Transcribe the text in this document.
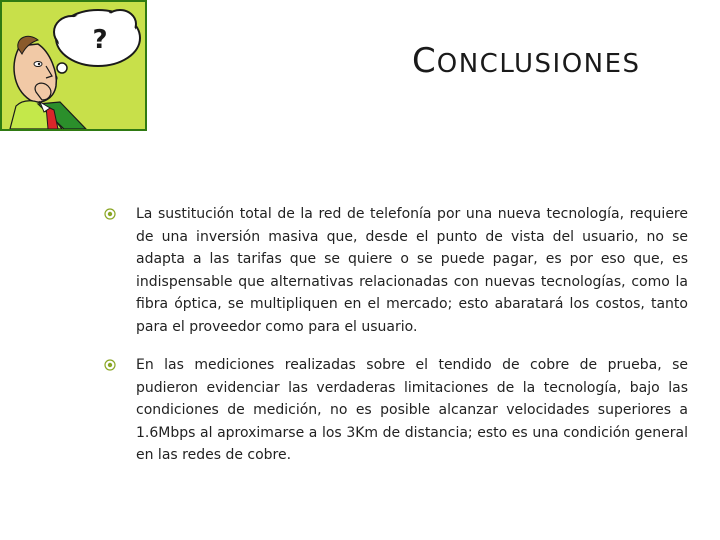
?
CONCLUSIONES

La sustitución total de la red de telefonía por una nueva tecnología, requiere de una inversión masiva que, desde el punto de vista del usuario, no se adapta a las tarifas que se quiere o se puede pagar, es por eso que, es indispensable que alternativas relacionadas con nuevas tecnologías, como la fibra óptica, se multipliquen en el mercado; esto abaratará los costos, tanto para el proveedor como para el usuario.

En las mediciones realizadas sobre el tendido de cobre de prueba, se pudieron evidenciar las verdaderas limitaciones de la tecnología, bajo las condiciones de medición, no es posible alcanzar velocidades superiores a 1.6Mbps al aproximarse a los 3Km de distancia; esto es una condición general en las redes de cobre.
